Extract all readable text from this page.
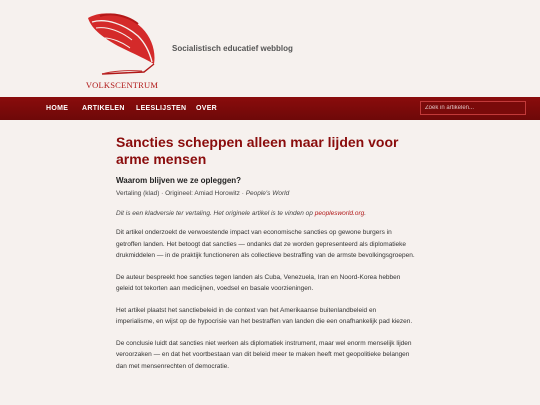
VOLKSCENTRUM
Socialistisch educatief webblog
HOME ARTIKELEN LEESLIJSTEN OVER
Zoek in artikelen...
Sancties scheppen alleen maar lijden voor arme mensen
Waarom blijven we ze opleggen?
Vertaling (klad) · Origineel: Amiad Horowitz · People's World
Dit is een kladversie ter vertaling. Het originele artikel is te vinden op peoplesworld.org.

Dit artikel onderzoekt de verwoestende impact van economische sancties op gewone burgers in getroffen landen. Het betoogt dat sancties — ondanks dat ze worden gepresenteerd als diplomatieke drukmiddelen — in de praktijk functioneren als collectieve bestraffing van de armste bevolkingsgroepen.

De auteur bespreekt hoe sancties tegen landen als Cuba, Venezuela, Iran en Noord-Korea hebben geleid tot tekorten aan medicijnen, voedsel en basale voorzieningen.

Het artikel plaatst het sanctiebeleid in de context van het Amerikaanse buitenlandbeleid en imperialisme, en wijst op de hypocrisie van het bestraffen van landen die een onafhankelijk pad kiezen.

De conclusie luidt dat sancties niet werken als diplomatiek instrument, maar wel enorm menselijk lijden veroorzaken — en dat het voortbestaan van dit beleid meer te maken heeft met geopolitieke belangen dan met mensenrechten of democratie.
